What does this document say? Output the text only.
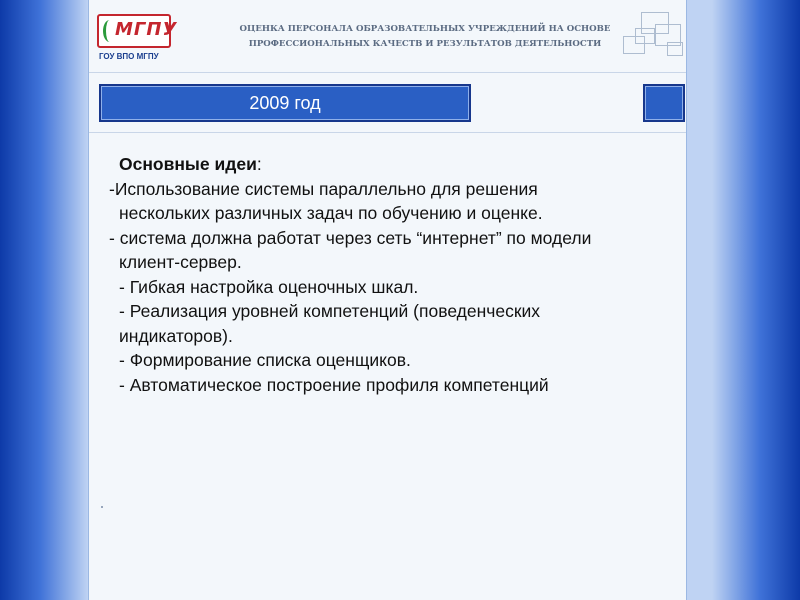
МГПУ
ГОУ ВПО МГПУ
ОЦЕНКА ПЕРСОНАЛА ОБРАЗОВАТЕЛЬНЫХ УЧРЕЖДЕНИЙ НА ОСНОВЕ
ПРОФЕССИОНАЛЬНЫХ КАЧЕСТВ И РЕЗУЛЬТАТОВ ДЕЯТЕЛЬНОСТИ
2009 год
Основные идеи:
-Использование системы параллельно для решения
нескольких различных задач по обучению и оценке.
- система должна работат через сеть “интернет” по модели
клиент-сервер.
- Гибкая настройка оценочных шкал.
- Реализация уровней компетенций (поведенческих
индикаторов).
- Формирование списка оценщиков.
- Автоматическое построение профиля компетенций
